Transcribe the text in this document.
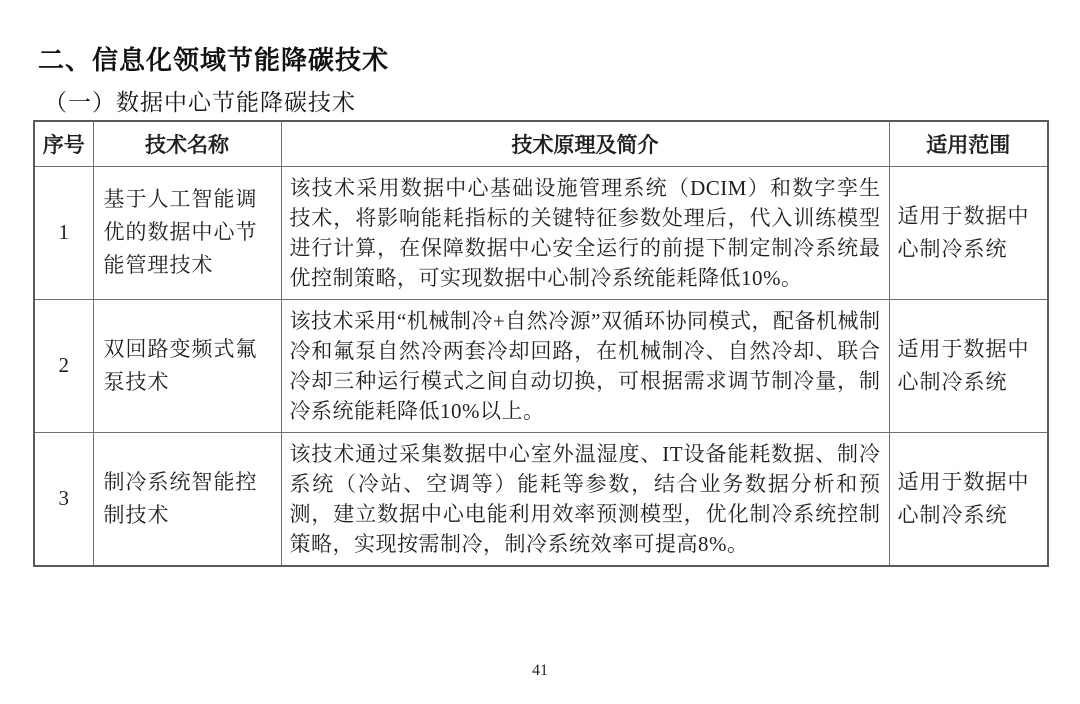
二、信息化领域节能降碳技术
（一）数据中心节能降碳技术
序号	技术名称	技术原理及简介	适用范围
1	基于人工智能调优的数据中心节能管理技术	该技术采用数据中心基础设施管理系统（DCIM）和数字孪生技术，将影响能耗指标的关键特征参数处理后，代入训练模型进行计算，在保障数据中心安全运行的前提下制定制冷系统最优控制策略，可实现数据中心制冷系统能耗降低10%。	适用于数据中心制冷系统
2	双回路变频式氟泵技术	该技术采用“机械制冷+自然冷源”双循环协同模式，配备机械制冷和氟泵自然冷两套冷却回路，在机械制冷、自然冷却、联合冷却三种运行模式之间自动切换，可根据需求调节制冷量，制冷系统能耗降低10%以上。	适用于数据中心制冷系统
3	制冷系统智能控制技术	该技术通过采集数据中心室外温湿度、IT设备能耗数据、制冷系统（冷站、空调等）能耗等参数，结合业务数据分析和预测，建立数据中心电能利用效率预测模型，优化制冷系统控制策略，实现按需制冷，制冷系统效率可提高8%。	适用于数据中心制冷系统
41
